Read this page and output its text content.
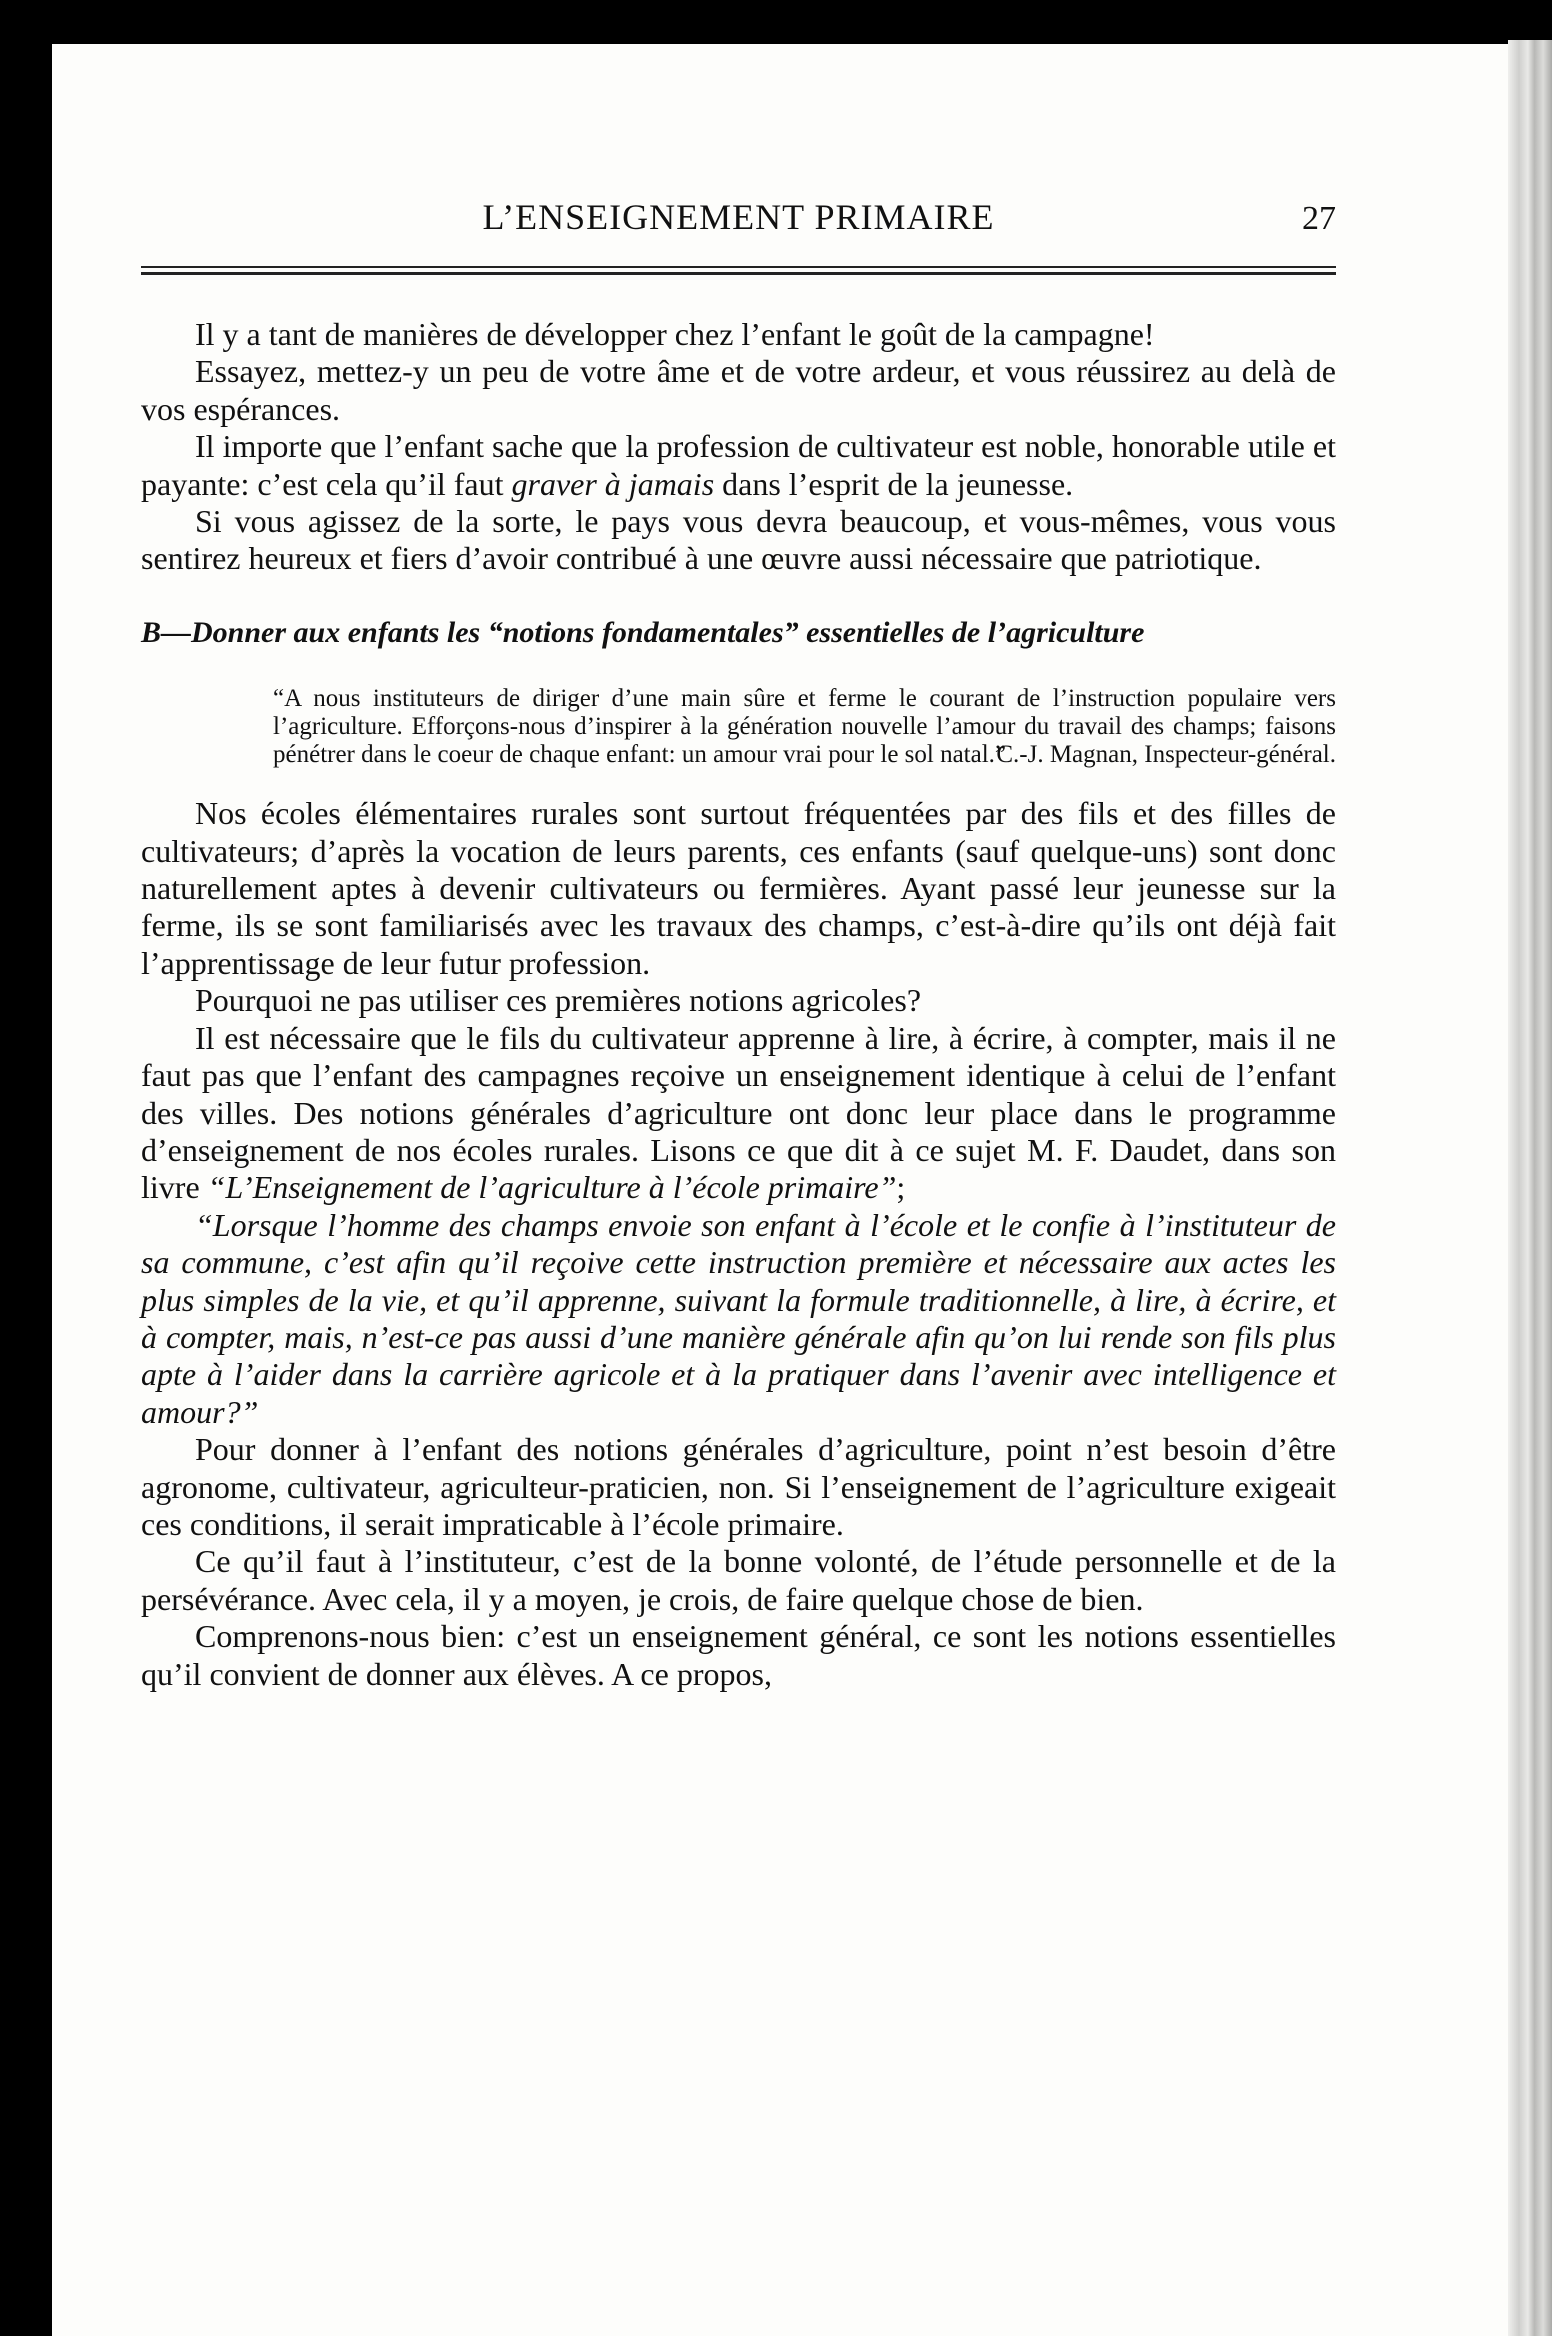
L’ENSEIGNEMENT PRIMAIRE	27

Il y a tant de manières de développer chez l’enfant le goût de la campagne!

Essayez, mettez-y un peu de votre âme et de votre ardeur, et vous réussirez au delà de vos espérances.

Il importe que l’enfant sache que la profession de cultivateur est noble, honorable utile et payante: c’est cela qu’il faut graver à jamais dans l’esprit de la jeunesse.

Si vous agissez de la sorte, le pays vous devra beaucoup, et vous-mêmes, vous vous sentirez heureux et fiers d’avoir contribué à une œuvre aussi nécessaire que patriotique.

B—Donner aux enfants les “notions fondamentales” essentielles de l’agriculture
“A nous instituteurs de diriger d’une main sûre et ferme le courant de l’instruction populaire vers l’agriculture. Efforçons-nous d’inspirer à la génération nouvelle l’amour du travail des champs; faisons pénétrer dans le coeur de chaque enfant: un amour vrai pour le sol natal.”
C.-J. Magnan, Inspecteur-général.

Nos écoles élémentaires rurales sont surtout fréquentées par des fils et des filles de cultivateurs; d’après la vocation de leurs parents, ces enfants (sauf quelque-uns) sont donc naturellement aptes à devenir cultivateurs ou fermières. Ayant passé leur jeunesse sur la ferme, ils se sont familiarisés avec les travaux des champs, c’est-à-dire qu’ils ont déjà fait l’apprentissage de leur futur profession.

Pourquoi ne pas utiliser ces premières notions agricoles?

Il est nécessaire que le fils du cultivateur apprenne à lire, à écrire, à compter, mais il ne faut pas que l’enfant des campagnes reçoive un enseignement identique à celui de l’enfant des villes. Des notions générales d’agriculture ont donc leur place dans le programme d’enseignement de nos écoles rurales. Lisons ce que dit à ce sujet M. F. Daudet, dans son livre “L’Enseignement de l’agriculture à l’école primaire”;

“Lorsque l’homme des champs envoie son enfant à l’école et le confie à l’instituteur de sa commune, c’est afin qu’il reçoive cette instruction première et nécessaire aux actes les plus simples de la vie, et qu’il apprenne, suivant la formule traditionnelle, à lire, à écrire, et à compter, mais, n’est-ce pas aussi d’une manière générale afin qu’on lui rende son fils plus apte à l’aider dans la carrière agricole et à la pratiquer dans l’avenir avec intelligence et amour?”

Pour donner à l’enfant des notions générales d’agriculture, point n’est besoin d’être agronome, cultivateur, agriculteur-praticien, non. Si l’enseignement de l’agriculture exigeait ces conditions, il serait impraticable à l’école primaire.

Ce qu’il faut à l’instituteur, c’est de la bonne volonté, de l’étude personnelle et de la persévérance. Avec cela, il y a moyen, je crois, de faire quelque chose de bien.

Comprenons-nous bien: c’est un enseignement général, ce sont les notions essentielles qu’il convient de donner aux élèves. A ce propos,
